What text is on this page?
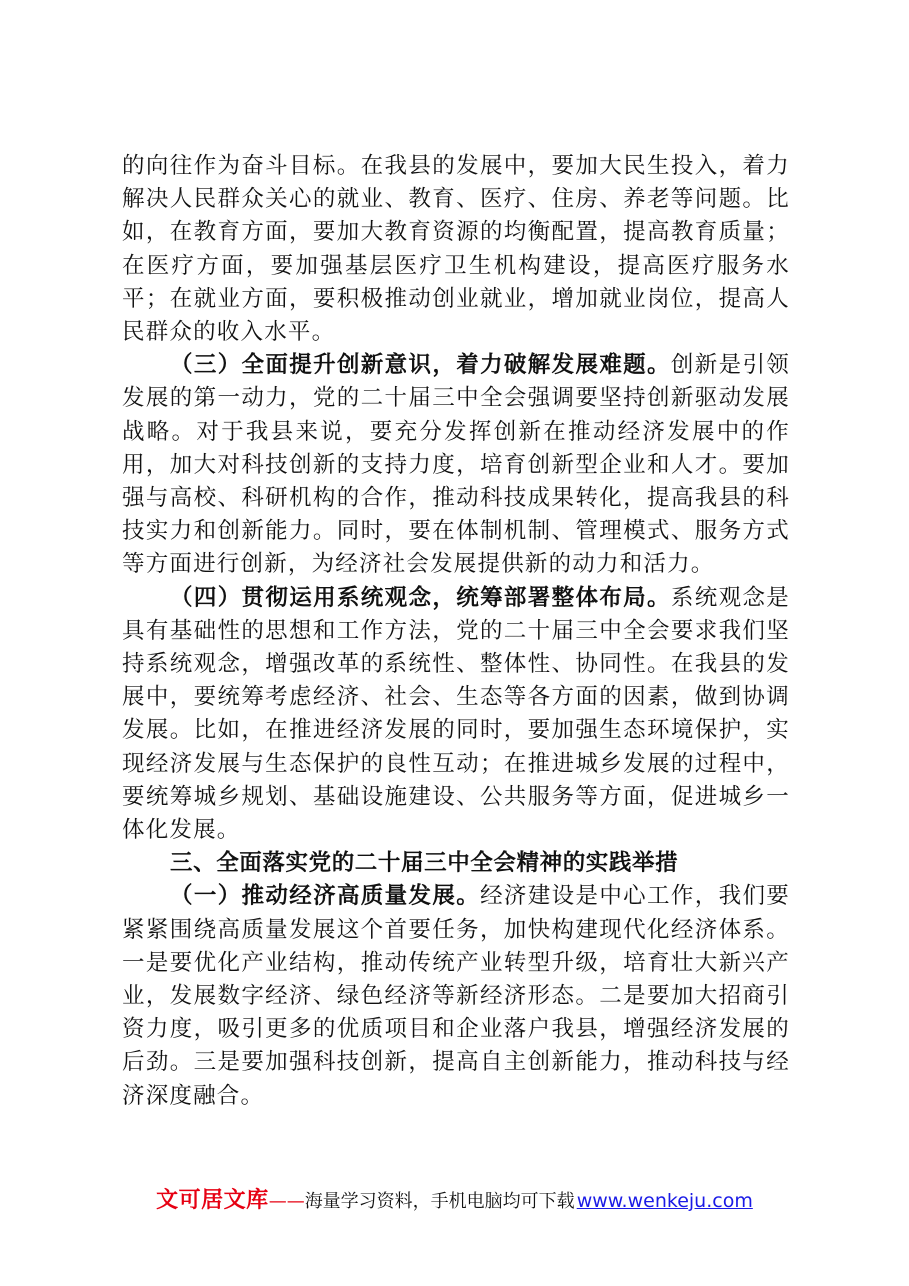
的向往作为奋斗目标。在我县的发展中，要加大民生投入，着力解决人民群众关心的就业、教育、医疗、住房、养老等问题。比如，在教育方面，要加大教育资源的均衡配置，提高教育质量；在医疗方面，要加强基层医疗卫生机构建设，提高医疗服务水平；在就业方面，要积极推动创业就业，增加就业岗位，提高人民群众的收入水平。

（三）全面提升创新意识，着力破解发展难题。创新是引领发展的第一动力，党的二十届三中全会强调要坚持创新驱动发展战略。对于我县来说，要充分发挥创新在推动经济发展中的作用，加大对科技创新的支持力度，培育创新型企业和人才。要加强与高校、科研机构的合作，推动科技成果转化，提高我县的科技实力和创新能力。同时，要在体制机制、管理模式、服务方式等方面进行创新，为经济社会发展提供新的动力和活力。

（四）贯彻运用系统观念，统筹部署整体布局。系统观念是具有基础性的思想和工作方法，党的二十届三中全会要求我们坚持系统观念，增强改革的系统性、整体性、协同性。在我县的发展中，要统筹考虑经济、社会、生态等各方面的因素，做到协调发展。比如，在推进经济发展的同时，要加强生态环境保护，实现经济发展与生态保护的良性互动；在推进城乡发展的过程中，要统筹城乡规划、基础设施建设、公共服务等方面，促进城乡一体化发展。

三、全面落实党的二十届三中全会精神的实践举措

（一）推动经济高质量发展。经济建设是中心工作，我们要紧紧围绕高质量发展这个首要任务，加快构建现代化经济体系。一是要优化产业结构，推动传统产业转型升级，培育壮大新兴产业，发展数字经济、绿色经济等新经济形态。二是要加大招商引资力度，吸引更多的优质项目和企业落户我县，增强经济发展的后劲。三是要加强科技创新，提高自主创新能力，推动科技与经济深度融合。

文可居文库——海量学习资料，手机电脑均可下载 www.wenkeju.com
